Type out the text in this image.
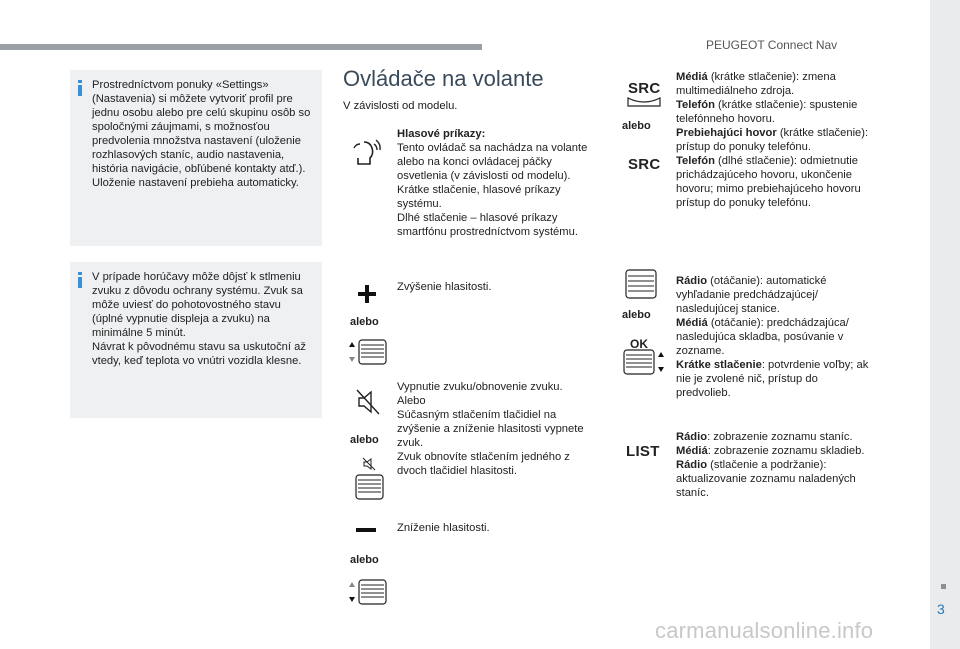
PEUGEOT Connect Nav
3
carmanualsonline.info

Prostredníctvom ponuky «Settings» (Nastavenia) si môžete vytvoriť profil pre jednu osobu alebo pre celú skupinu osôb so spoločnými záujmami, s možnosťou predvolenia množstva nastavení (uloženie rozhlasových staníc, audio nastavenia, história navigácie, obľúbené kontakty atď.). Uloženie nastavení prebieha automaticky.

V prípade horúčavy môže dôjsť k stlmeniu zvuku z dôvodu ochrany systému. Zvuk sa môže uviesť do pohotovostného stavu (úplné vypnutie displeja a zvuku) na minimálne 5 minút.
Návrat k pôvodnému stavu sa uskutoční až vtedy, keď teplota vo vnútri vozidla klesne.

Ovládače na volante
V závislosti od modelu.

Hlasové príkazy:

Tento ovládač sa nachádza na volante alebo na konci ovládacej páčky osvetlenia (v závislosti od modelu).

Krátke stlačenie, hlasové príkazy systému.

Dlhé stlačenie – hlasové príkazy smartfónu prostredníctvom systému.

alebo
Zvýšenie hlasitosti.
alebo

Vypnutie zvuku/obnovenie zvuku.

Alebo

Súčasným stlačením tlačidiel na zvýšenie a zníženie hlasitosti vypnete zvuk.

Zvuk obnovíte stlačením jedného z dvoch tlačidiel hlasitosti.

alebo
Zníženie hlasitosti.
SRC
alebo
SRC

Médiá (krátke stlačenie): zmena multimediálneho zdroja.

Telefón (krátke stlačenie): spustenie telefónneho hovoru.

Prebiehajúci hovor (krátke stlačenie): prístup do ponuky telefónu.

Telefón (dlhé stlačenie): odmietnutie prichádzajúceho hovoru, ukončenie hovoru; mimo prebiehajúceho hovoru prístup do ponuky telefónu.

alebo
OK

Rádio (otáčanie): automatické vyhľadanie predchádzajúcej/ nasledujúcej stanice.

Médiá (otáčanie): predchádzajúca/ nasledujúca skladba, posúvanie v zozname.

Krátke stlačenie: potvrdenie voľby; ak nie je zvolené nič, prístup do predvolieb.

LIST

Rádio: zobrazenie zoznamu staníc.

Médiá: zobrazenie zoznamu skladieb.

Rádio (stlačenie a podržanie): aktualizovanie zoznamu naladených staníc.
